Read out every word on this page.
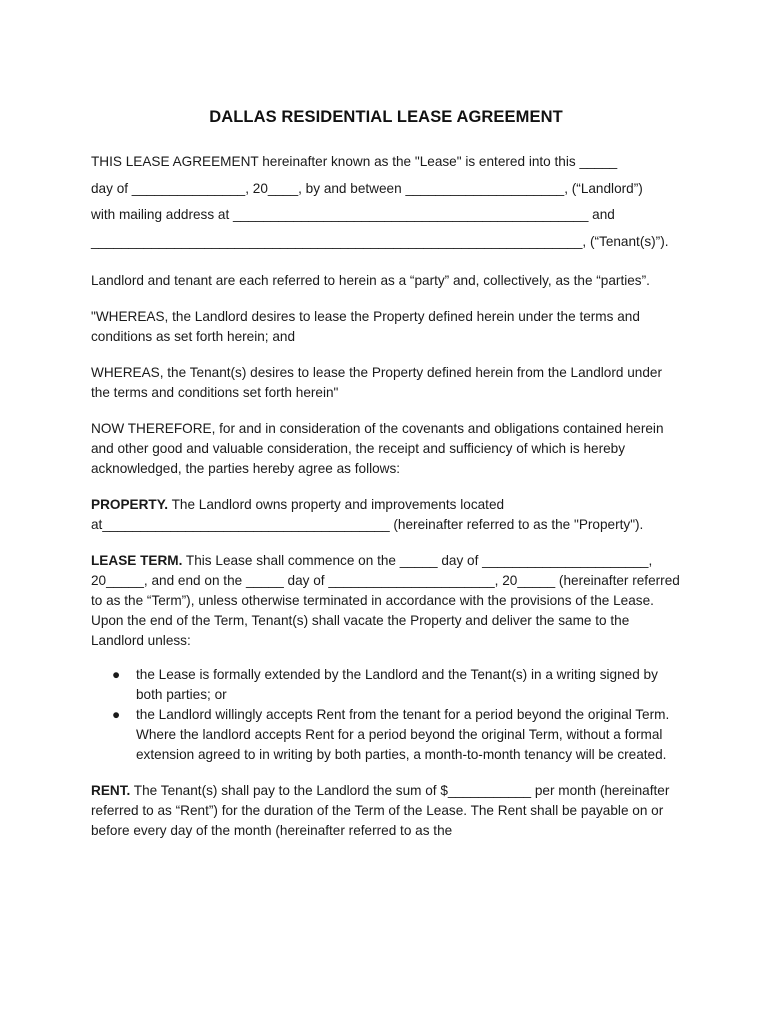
DALLAS RESIDENTIAL LEASE AGREEMENT
THIS LEASE AGREEMENT hereinafter known as the "Lease" is entered into this _____
day of _______________, 20____, by and between _____________________, (“Landlord”)
with mailing address at _______________________________________________ and
_________________________________________________________________, (“Tenant(s)”).

Landlord and tenant are each referred to herein as a “party” and, collectively, as the “parties”.

"WHEREAS, the Landlord desires to lease the Property defined herein under the terms and conditions as set forth herein; and

WHEREAS, the Tenant(s) desires to lease the Property defined herein from the Landlord under the terms and conditions set forth herein"

NOW THEREFORE, for and in consideration of the covenants and obligations contained herein and other good and valuable consideration, the receipt and sufficiency of which is hereby acknowledged, the parties hereby agree as follows:

PROPERTY. The Landlord owns property and improvements located at______________________________________ (hereinafter referred to as the "Property").

LEASE TERM. This Lease shall commence on the _____ day of ______________________, 20_____, and end on the _____ day of ______________________, 20_____ (hereinafter referred to as the “Term”), unless otherwise terminated in accordance with the provisions of the Lease. Upon the end of the Term, Tenant(s) shall vacate the Property and deliver the same to the Landlord unless:

● the Lease is formally extended by the Landlord and the Tenant(s) in a writing signed by both parties; or
● the Landlord willingly accepts Rent from the tenant for a period beyond the original Term. Where the landlord accepts Rent for a period beyond the original Term, without a formal extension agreed to in writing by both parties, a month-to-month tenancy will be created.

RENT. The Tenant(s) shall pay to the Landlord the sum of $___________ per month (hereinafter referred to as “Rent”) for the duration of the Term of the Lease. The Rent shall be payable on or before every day of the month (hereinafter referred to as the
